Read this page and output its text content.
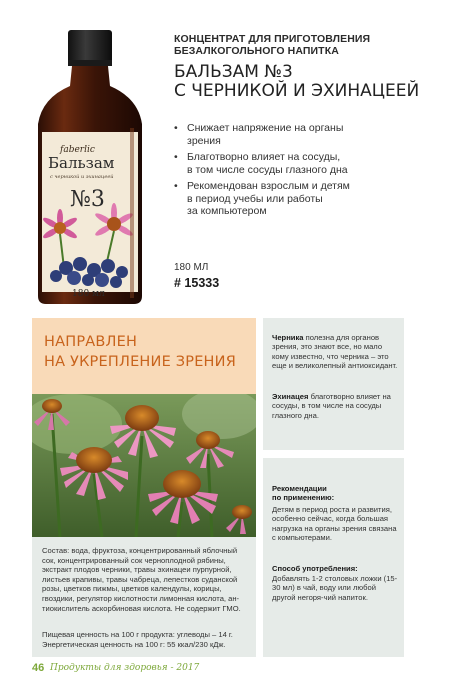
faberlic
Бальзам
с черникой и эхинацеей
№3
180 мл
КОНЦЕНТРАТ ДЛЯ ПРИГОТОВЛЕНИЯ
БЕЗАЛКОГОЛЬНОГО НАПИТКА
БАЛЬЗАМ №3
С ЧЕРНИКОЙ И ЭХИНАЦЕЕЙ
• Снижает напряжение на органы
зрения
• Благотворно влияет на сосуды,
в том числе сосуды глазного дна
• Рекомендован взрослым и детям
в период учебы или работы
за компьютером
180 МЛ
# 15333
НАПРАВЛЕН
НА УКРЕПЛЕНИЕ ЗРЕНИЯ
Состав: вода, фруктоза, концентрированный яблочный сок, концентрированный сок черноплодной рябины, экстракт плодов черники, травы эхинацеи пурпурной, листьев крапивы, травы чабреца, лепестков суданской розы, цветков пижмы, цветков календулы, корицы, гвоздики, регулятор кислотности лимонная кислота, ан-тиокислитель аскорбиновая кислота. Не содержит ГМО.
Пищевая ценность на 100 г продукта: углеводы – 14 г.
Энергетическая ценность на 100 г: 55 ккал/230 кДж.
Черника полезна для органов зрения, это знают все, но мало кому известно, что черника – это еще и великолепный антиоксидант.
Эхинацея благотворно влияет на сосуды, в том числе на сосуды глазного дна.
Рекомендации
по применению:
Детям в период роста и развития, особенно сейчас, когда большая нагрузка на органы зрения связана с компьютерами.
Способ употребления:
Добавлять 1-2 столовых ложки (15-30 мл) в чай, воду или любой другой негоря-чий напиток.
46 Продукты для здоровья - 2017
